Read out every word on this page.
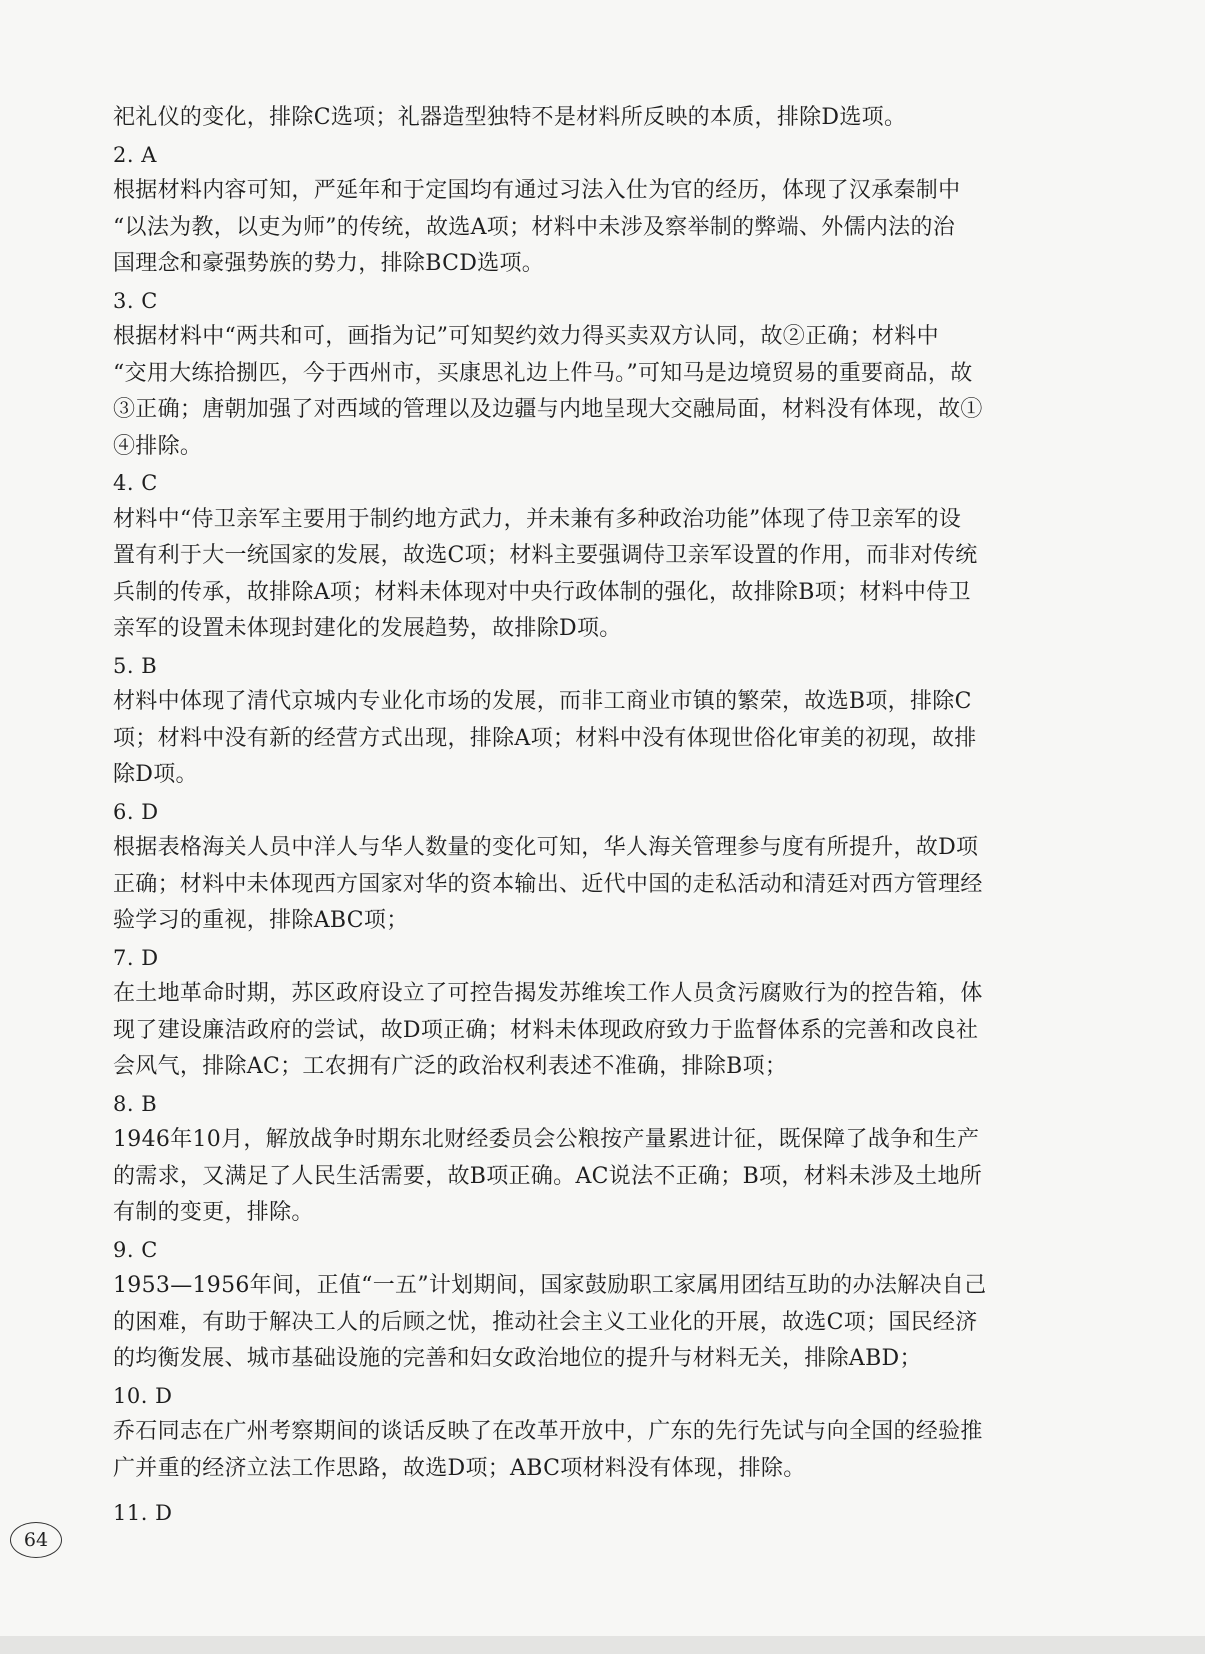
祀礼仪的变化，排除C选项；礼器造型独特不是材料所反映的本质，排除D选项。
2. A
根据材料内容可知，严延年和于定国均有通过习法入仕为官的经历，体现了汉承秦制中
“以法为教，以吏为师”的传统，故选A项；材料中未涉及察举制的弊端、外儒内法的治
国理念和豪强势族的势力，排除BCD选项。
3. C
根据材料中“两共和可，画指为记”可知契约效力得买卖双方认同，故②正确；材料中
“交用大练拾捌匹，今于西州市，买康思礼边上件马。”可知马是边境贸易的重要商品，故
③正确；唐朝加强了对西域的管理以及边疆与内地呈现大交融局面，材料没有体现，故①
④排除。
4. C
材料中“侍卫亲军主要用于制约地方武力，并未兼有多种政治功能”体现了侍卫亲军的设
置有利于大一统国家的发展，故选C项；材料主要强调侍卫亲军设置的作用，而非对传统
兵制的传承，故排除A项；材料未体现对中央行政体制的强化，故排除B项；材料中侍卫
亲军的设置未体现封建化的发展趋势，故排除D项。
5. B
材料中体现了清代京城内专业化市场的发展，而非工商业市镇的繁荣，故选B项，排除C
项；材料中没有新的经营方式出现，排除A项；材料中没有体现世俗化审美的初现，故排
除D项。
6. D
根据表格海关人员中洋人与华人数量的变化可知，华人海关管理参与度有所提升，故D项
正确；材料中未体现西方国家对华的资本输出、近代中国的走私活动和清廷对西方管理经
验学习的重视，排除ABC项；
7. D
在土地革命时期，苏区政府设立了可控告揭发苏维埃工作人员贪污腐败行为的控告箱，体
现了建设廉洁政府的尝试，故D项正确；材料未体现政府致力于监督体系的完善和改良社
会风气，排除AC；工农拥有广泛的政治权利表述不准确，排除B项；
8. B
1946年10月，解放战争时期东北财经委员会公粮按产量累进计征，既保障了战争和生产
的需求，又满足了人民生活需要，故B项正确。AC说法不正确；B项，材料未涉及土地所
有制的变更，排除。
9. C
1953—1956年间，正值“一五”计划期间，国家鼓励职工家属用团结互助的办法解决自己
的困难，有助于解决工人的后顾之忧，推动社会主义工业化的开展，故选C项；国民经济
的均衡发展、城市基础设施的完善和妇女政治地位的提升与材料无关，排除ABD；
10. D
乔石同志在广州考察期间的谈话反映了在改革开放中，广东的先行先试与向全国的经验推
广并重的经济立法工作思路，故选D项；ABC项材料没有体现，排除。
11. D
64
